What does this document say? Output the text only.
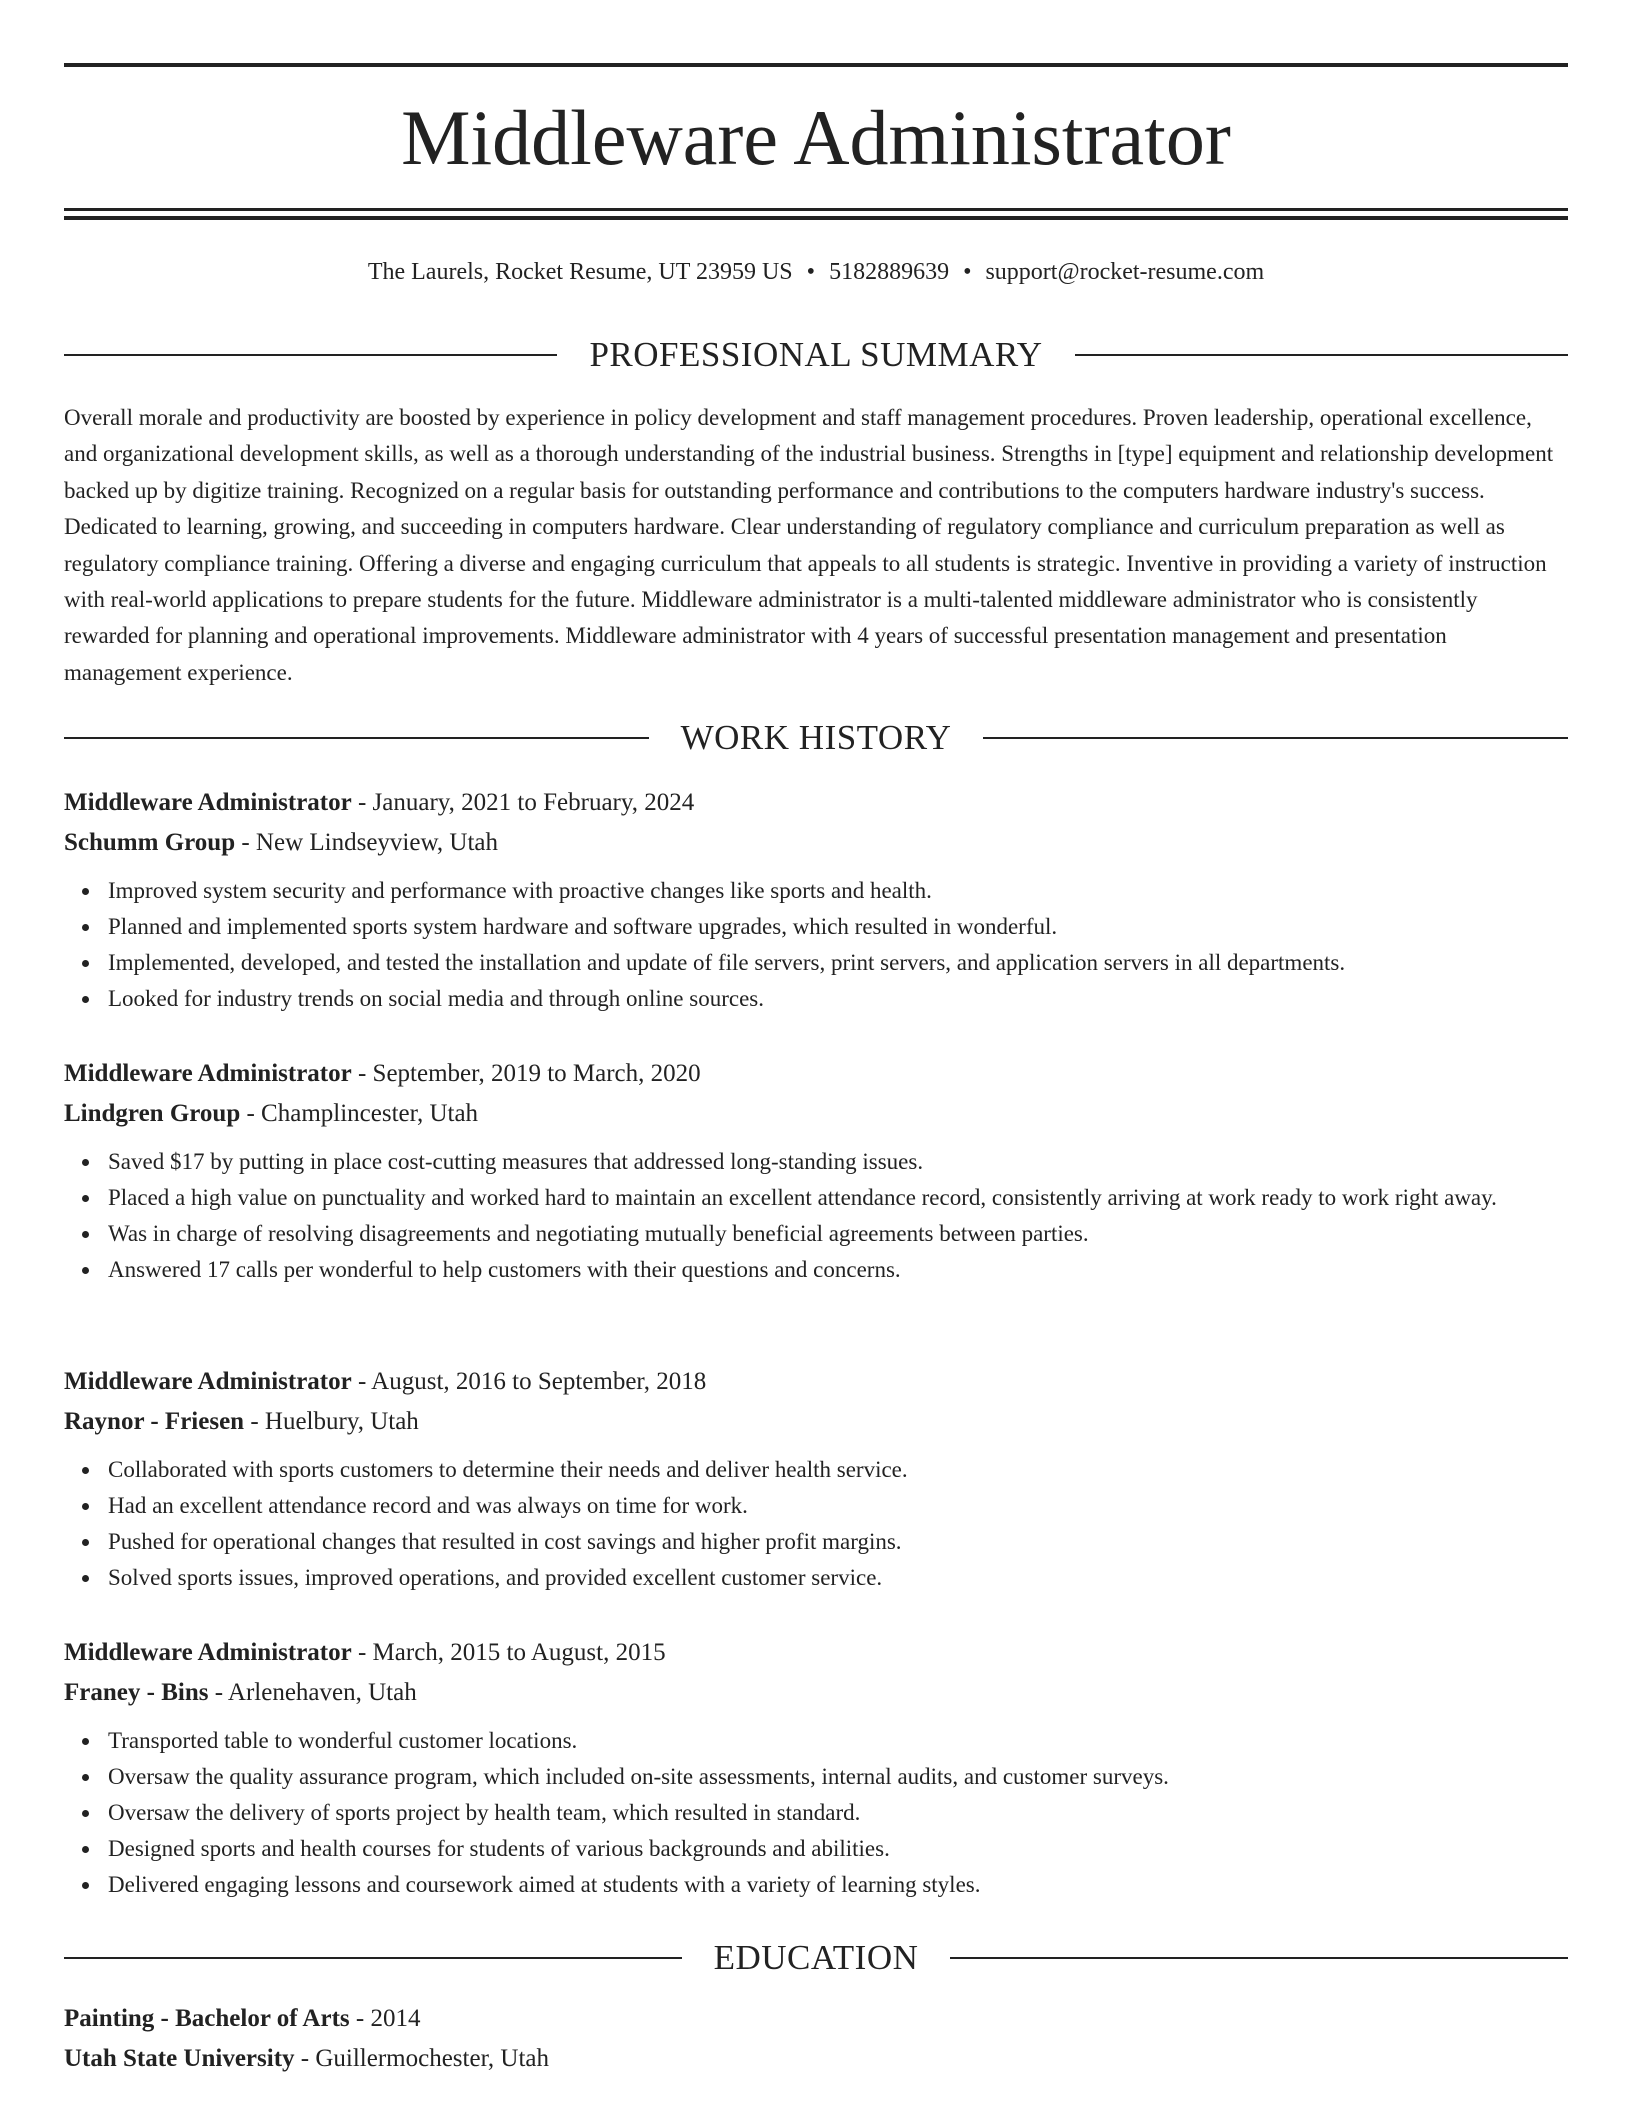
Middleware Administrator
The Laurels, Rocket Resume, UT 23959 US • 5182889639 • support@rocket-resume.com
PROFESSIONAL SUMMARY

Overall morale and productivity are boosted by experience in policy development and staff management procedures. Proven leadership, operational excellence, and organizational development skills, as well as a thorough understanding of the industrial business. Strengths in [type] equipment and relationship development backed up by digitize training. Recognized on a regular basis for outstanding performance and contributions to the computers hardware industry's success. Dedicated to learning, growing, and succeeding in computers hardware. Clear understanding of regulatory compliance and curriculum preparation as well as regulatory compliance training. Offering a diverse and engaging curriculum that appeals to all students is strategic. Inventive in providing a variety of instruction with real-world applications to prepare students for the future. Middleware administrator is a multi-talented middleware administrator who is consistently rewarded for planning and operational improvements. Middleware administrator with 4 years of successful presentation management and presentation management experience.

WORK HISTORY

Middleware Administrator - January, 2021 to February, 2024

Schumm Group - New Lindseyview, Utah

Improved system security and performance with proactive changes like sports and health.
Planned and implemented sports system hardware and software upgrades, which resulted in wonderful.
Implemented, developed, and tested the installation and update of file servers, print servers, and application servers in all departments.
Looked for industry trends on social media and through online sources.

Middleware Administrator - September, 2019 to March, 2020

Lindgren Group - Champlincester, Utah

Saved $17 by putting in place cost-cutting measures that addressed long-standing issues.
Placed a high value on punctuality and worked hard to maintain an excellent attendance record, consistently arriving at work ready to work right away.
Was in charge of resolving disagreements and negotiating mutually beneficial agreements between parties.
Answered 17 calls per wonderful to help customers with their questions and concerns.

Middleware Administrator - August, 2016 to September, 2018

Raynor - Friesen - Huelbury, Utah

Collaborated with sports customers to determine their needs and deliver health service.
Had an excellent attendance record and was always on time for work.
Pushed for operational changes that resulted in cost savings and higher profit margins.
Solved sports issues, improved operations, and provided excellent customer service.

Middleware Administrator - March, 2015 to August, 2015

Franey - Bins - Arlenehaven, Utah

Transported table to wonderful customer locations.
Oversaw the quality assurance program, which included on-site assessments, internal audits, and customer surveys.
Oversaw the delivery of sports project by health team, which resulted in standard.
Designed sports and health courses for students of various backgrounds and abilities.
Delivered engaging lessons and coursework aimed at students with a variety of learning styles.
EDUCATION

Painting - Bachelor of Arts - 2014

Utah State University - Guillermochester, Utah
